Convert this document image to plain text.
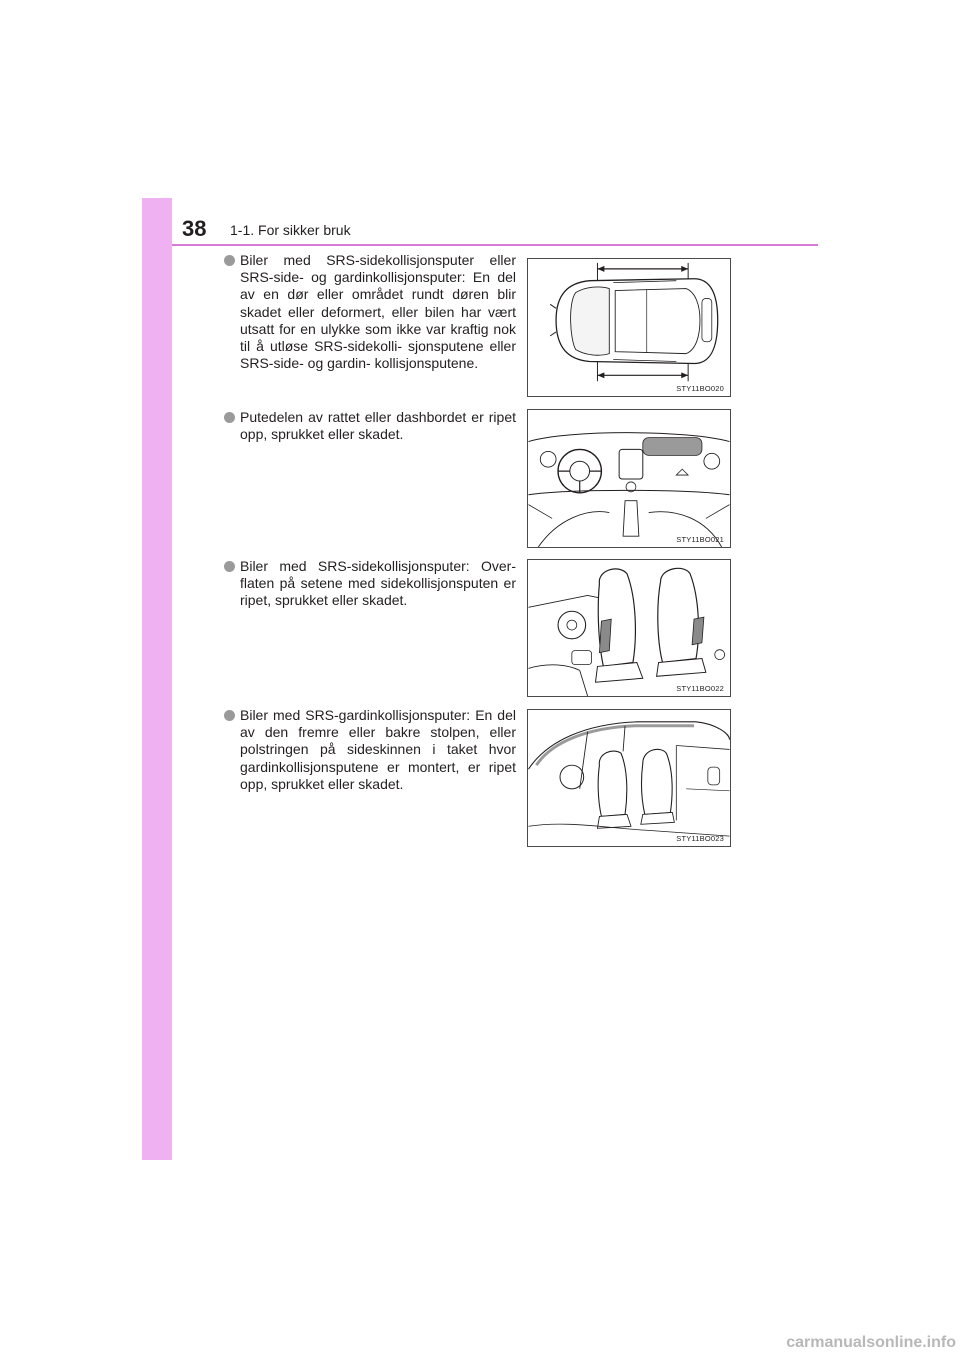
38 1-1. For sikker bruk
Biler med SRS-sidekollisjonsputer eller SRS-side- og gardinkollisjonsputer: En del av en dør eller området rundt døren blir skadet eller deformert, eller bilen har vært utsatt for en ulykke som ikke var kraftig nok til å utløse SRS-sidekolli- sjonsputene eller SRS-side- og gardin- kollisjonsputene.
STY11BO020
Putedelen av rattet eller dashbordet er ripet opp, sprukket eller skadet.
STY11BO021
Biler med SRS-sidekollisjonsputer: Over- flaten på setene med sidekollisjonsputen er ripet, sprukket eller skadet.
STY11BO022
Biler med SRS-gardinkollisjonsputer: En del av den fremre eller bakre stolpen, eller polstringen på sideskinnen i taket hvor gardinkollisjonsputene er montert, er ripet opp, sprukket eller skadet.
STY11BO023
carmanualsonline.info
